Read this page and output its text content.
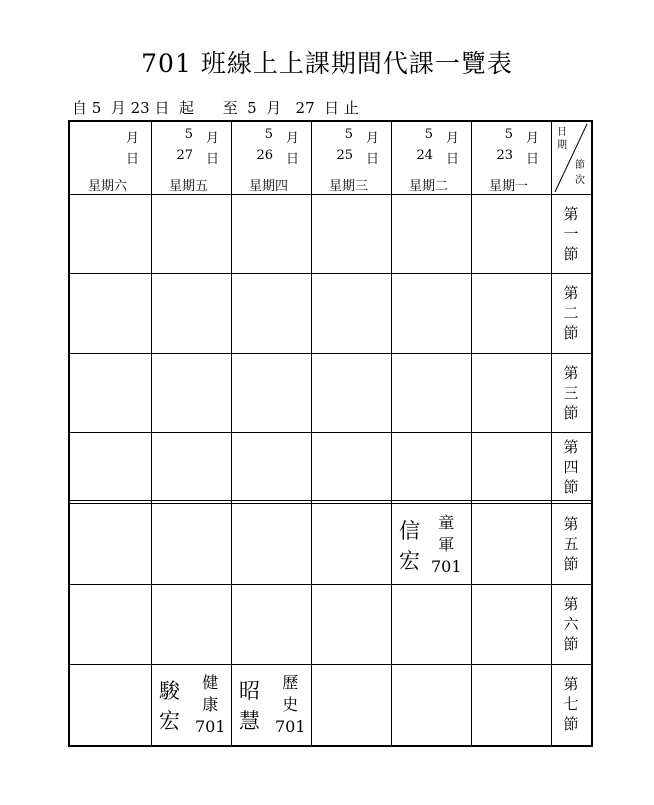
701 班線上上課期間代課一覽表
自 5  月 23 日  起      至  5  月   27  日 止
日
期
節
次
月
日
星期六
5 月
27 日
星期五
5 月
26 日
星期四
5 月
25 日
星期三
5 月
24 日
星期二
5 月
23 日
星期一
第
一
節
第
二
節
第
三
節
第
四
節
第
五
節
第
六
節
第
七
節
信
宏
童
軍
701
駿
宏
健
康
701
昭
慧
歷
史
701
